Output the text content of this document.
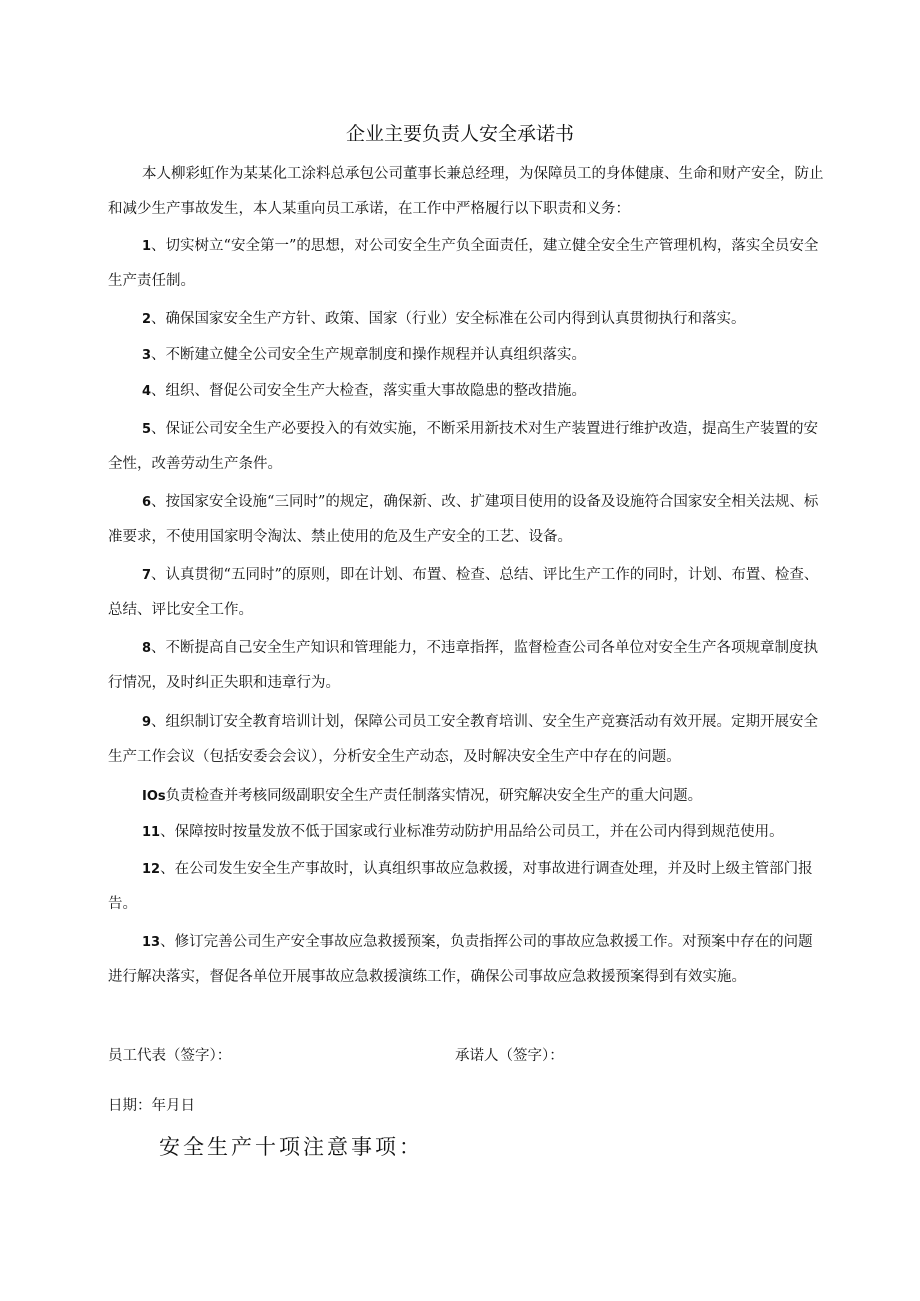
企业主要负责人安全承诺书

本人柳彩虹作为某某化工涂料总承包公司董事长兼总经理，为保障员工的身体健康、生命和财产安全，防止和减少生产事故发生，本人某重向员工承诺，在工作中严格履行以下职责和义务：

1、切实树立“安全第一”的思想，对公司安全生产负全面责任，建立健全安全生产管理机构，落实全员安全生产责任制。

2、确保国家安全生产方针、政策、国家（行业）安全标准在公司内得到认真贯彻执行和落实。

3、不断建立健全公司安全生产规章制度和操作规程并认真组织落实。

4、组织、督促公司安全生产大检查，落实重大事故隐患的整改措施。

5、保证公司安全生产必要投入的有效实施，不断采用新技术对生产装置进行维护改造，提高生产装置的安全性，改善劳动生产条件。

6、按国家安全设施“三同时”的规定，确保新、改、扩建项目使用的设备及设施符合国家安全相关法规、标准要求，不使用国家明令淘汰、禁止使用的危及生产安全的工艺、设备。

7、认真贯彻“五同时”的原则，即在计划、布置、检查、总结、评比生产工作的同时，计划、布置、检查、总结、评比安全工作。

8、不断提高自己安全生产知识和管理能力，不违章指挥，监督检查公司各单位对安全生产各项规章制度执行情况，及时纠正失职和违章行为。

9、组织制订安全教育培训计划，保障公司员工安全教育培训、安全生产竞赛活动有效开展。定期开展安全生产工作会议（包括安委会会议），分析安全生产动态，及时解决安全生产中存在的问题。

IOs负责检查并考核同级副职安全生产责任制落实情况，研究解决安全生产的重大问题。

11、保障按时按量发放不低于国家或行业标准劳动防护用品给公司员工，并在公司内得到规范使用。

12、在公司发生安全生产事故时，认真组织事故应急救援，对事故进行调查处理，并及时上级主管部门报告。

13、修订完善公司生产安全事故应急救援预案，负责指挥公司的事故应急救援工作。对预案中存在的问题进行解决落实，督促各单位开展事故应急救援演练工作，确保公司事故应急救援预案得到有效实施。

员工代表（签字）：	承诺人（签字）：
日期：年月日
安全生产十项注意事项：
